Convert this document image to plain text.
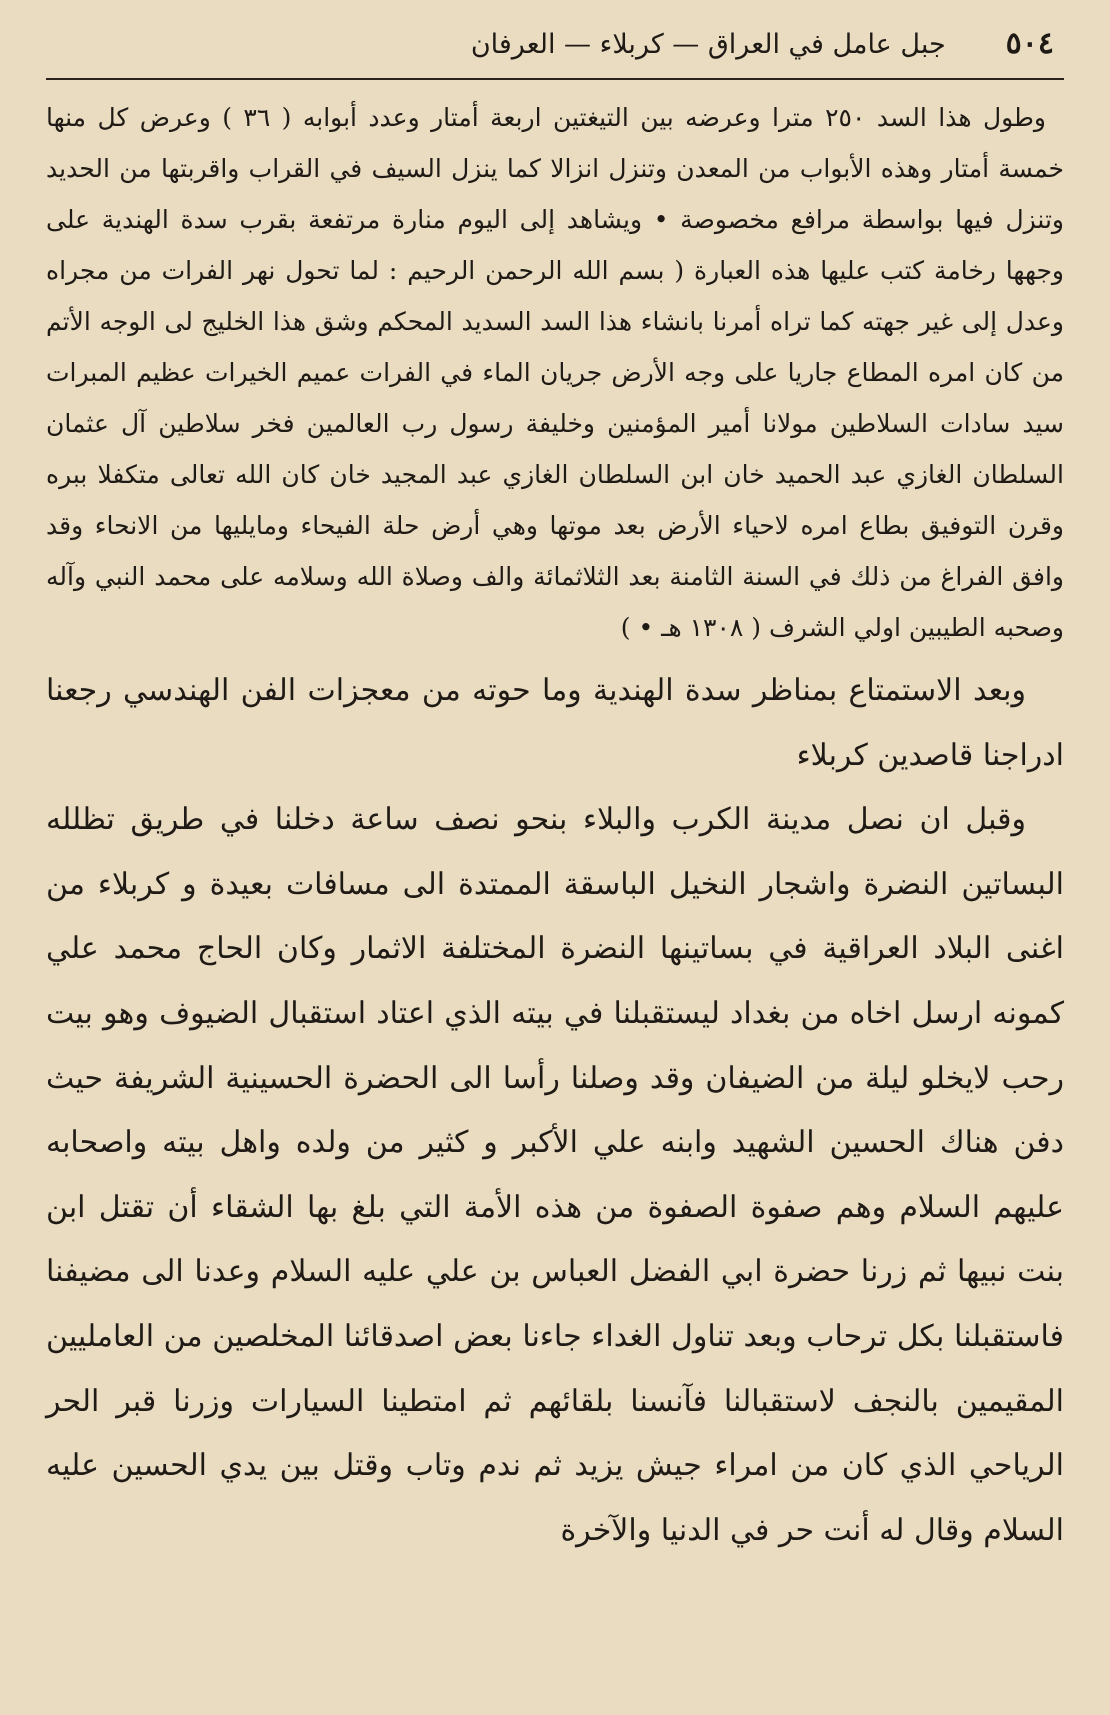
٥٠٤
جبل عامل في العراق — كربلاء — العرفان

وطول هذا السد ٢٥٠ مترا وعرضه بين التيغتين اربعة أمتار وعدد أبوابه ( ٣٦ ) وعرض كل منها خمسة أمتار وهذه الأبواب من المعدن وتنزل انزالا كما ينزل السيف في القراب واقربتها من الحديد وتنزل فيها بواسطة مرافع مخصوصة • ويشاهد إلى اليوم منارة مرتفعة بقرب سدة الهندية على وجهها رخامة كتب عليها هذه العبارة ( بسم الله الرحمن الرحيم : لما تحول نهر الفرات من مجراه وعدل إلى غير جهته كما تراه أمرنا بانشاء هذا السد السديد المحكم وشق هذا الخليج لى الوجه الأتم من كان امره المطاع جاريا على وجه الأرض جريان الماء في الفرات عميم الخيرات عظيم المبرات سيد سادات السلاطين مولانا أمير المؤمنين وخليفة رسول رب العالمين فخر سلاطين آل عثمان السلطان الغازي عبد الحميد خان ابن السلطان الغازي عبد المجيد خان كان الله تعالى متكفلا ببره وقرن التوفيق بطاع امره لاحياء الأرض بعد موتها وهي أرض حلة الفيحاء ومايليها من الانحاء وقد وافق الفراغ من ذلك في السنة الثامنة بعد الثلاثمائة والف وصلاة الله وسلامه على محمد النبي وآله وصحبه الطيبين اولي الشرف ( ١٣٠٨ هـ • )

وبعد الاستمتاع بمناظر سدة الهندية وما حوته من معجزات الفن الهندسي رجعنا ادراجنا قاصدين كربلاء

وقبل ان نصل مدينة الكرب والبلاء بنحو نصف ساعة دخلنا في طريق تظلله البساتين النضرة واشجار النخيل الباسقة الممتدة الى مسافات بعيدة و كربلاء من اغنى البلاد العراقية في بساتينها النضرة المختلفة الاثمار وكان الحاج محمد علي كمونه ارسل اخاه من بغداد ليستقبلنا في بيته الذي اعتاد استقبال الضيوف وهو بيت رحب لايخلو ليلة من الضيفان وقد وصلنا رأسا الى الحضرة الحسينية الشريفة حيث دفن هناك الحسين الشهيد وابنه علي الأكبر و كثير من ولده واهل بيته واصحابه عليهم السلام وهم صفوة الصفوة من هذه الأمة التي بلغ بها الشقاء أن تقتل ابن بنت نبيها ثم زرنا حضرة ابي الفضل العباس بن علي عليه السلام وعدنا الى مضيفنا فاستقبلنا بكل ترحاب وبعد تناول الغداء جاءنا بعض اصدقائنا المخلصين من العامليين المقيمين بالنجف لاستقبالنا فآنسنا بلقائهم ثم امتطينا السيارات وزرنا قبر الحر الرياحي الذي كان من امراء جيش يزيد ثم ندم وتاب وقتل بين يدي الحسين عليه السلام وقال له أنت حر في الدنيا والآخرة
